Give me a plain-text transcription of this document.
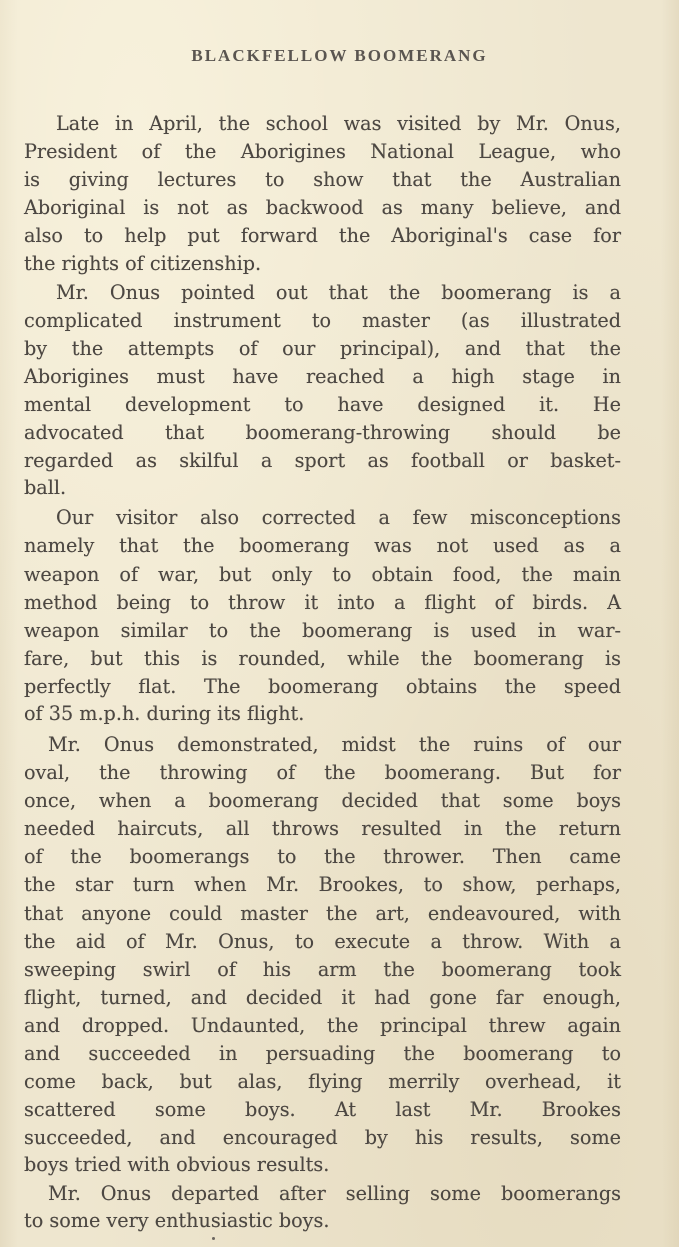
BLACKFELLOW BOOMERANG
Late in April, the school was visited by Mr. Onus,
President of the Aborigines National League, who
is giving lectures to show that the Australian
Aboriginal is not as backwood as many believe, and
also to help put forward the Aboriginal's case for
the rights of citizenship.
Mr. Onus pointed out that the boomerang is a
complicated instrument to master (as illustrated
by the attempts of our principal), and that the
Aborigines must have reached a high stage in
mental development to have designed it. He
advocated that boomerang-throwing should be
regarded as skilful a sport as football or basket-
ball.
Our visitor also corrected a few misconceptions
namely that the boomerang was not used as a
weapon of war, but only to obtain food, the main
method being to throw it into a flight of birds. A
weapon similar to the boomerang is used in war-
fare, but this is rounded, while the boomerang is
perfectly flat. The boomerang obtains the speed
of 35 m.p.h. during its flight.
Mr. Onus demonstrated, midst the ruins of our
oval, the throwing of the boomerang. But for
once, when a boomerang decided that some boys
needed haircuts, all throws resulted in the return
of the boomerangs to the thrower. Then came
the star turn when Mr. Brookes, to show, perhaps,
that anyone could master the art, endeavoured, with
the aid of Mr. Onus, to execute a throw. With a
sweeping swirl of his arm the boomerang took
flight, turned, and decided it had gone far enough,
and dropped. Undaunted, the principal threw again
and succeeded in persuading the boomerang to
come back, but alas, flying merrily overhead, it
scattered some boys. At last Mr. Brookes
succeeded, and encouraged by his results, some
boys tried with obvious results.
Mr. Onus departed after selling some boomerangs
to some very enthusiastic boys.
